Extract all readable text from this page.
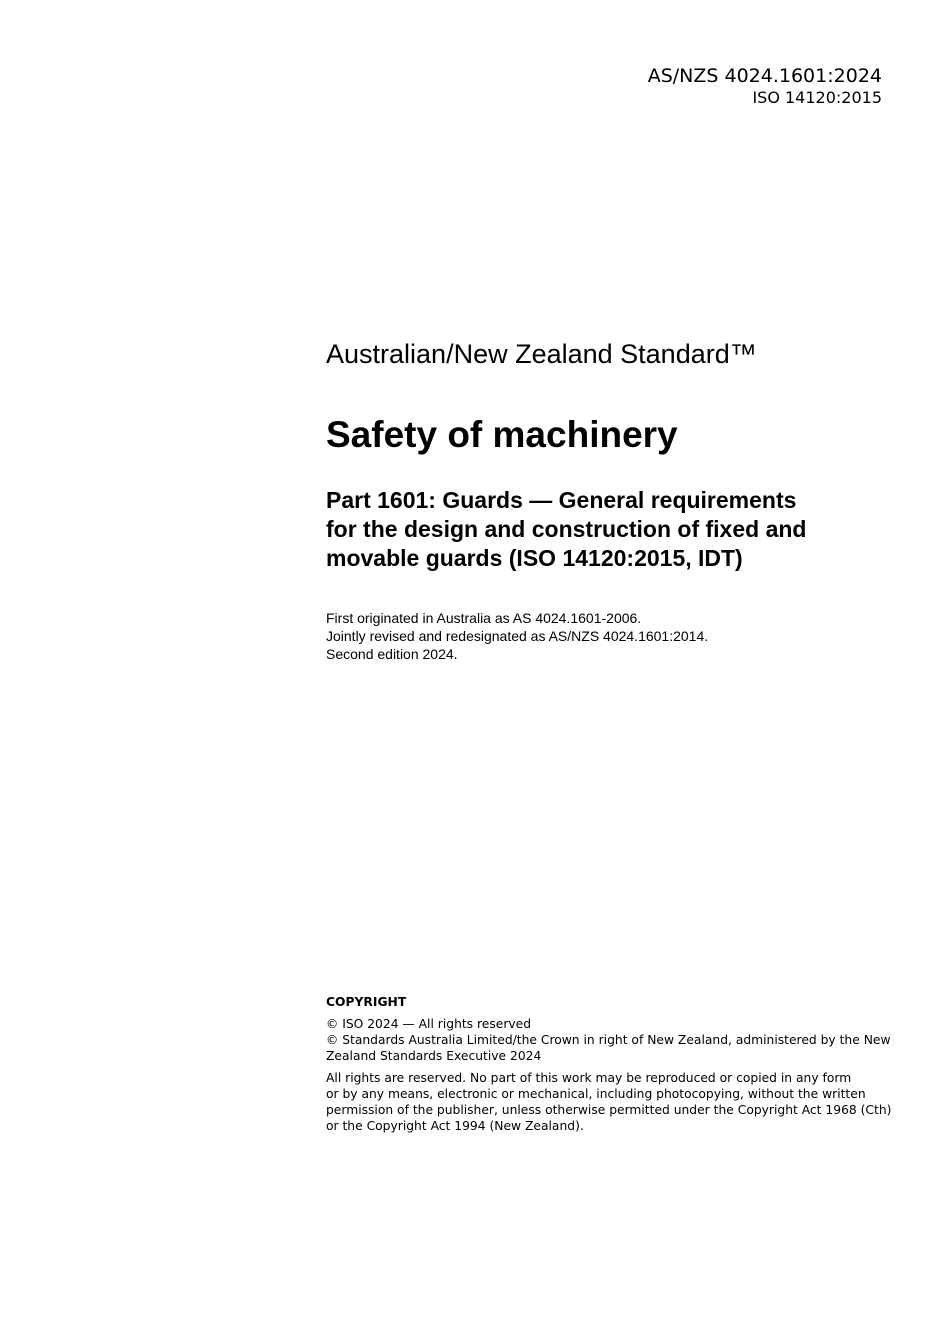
AS/NZS 4024.1601:2024
ISO 14120:2015
Australian/New Zealand Standard™
Safety of machinery
Part 1601: Guards — General requirements
for the design and construction of fixed and
movable guards (ISO 14120:2015, IDT)
First originated in Australia as AS 4024.1601-2006.
Jointly revised and redesignated as AS/NZS 4024.1601:2014.
Second edition 2024.
COPYRIGHT
© ISO 2024 — All rights reserved
© Standards Australia Limited/the Crown in right of New Zealand, administered by the New
Zealand Standards Executive 2024
All rights are reserved. No part of this work may be reproduced or copied in any form
or by any means, electronic or mechanical, including photocopying, without the written
permission of the publisher, unless otherwise permitted under the Copyright Act 1968 (Cth)
or the Copyright Act 1994 (New Zealand).
